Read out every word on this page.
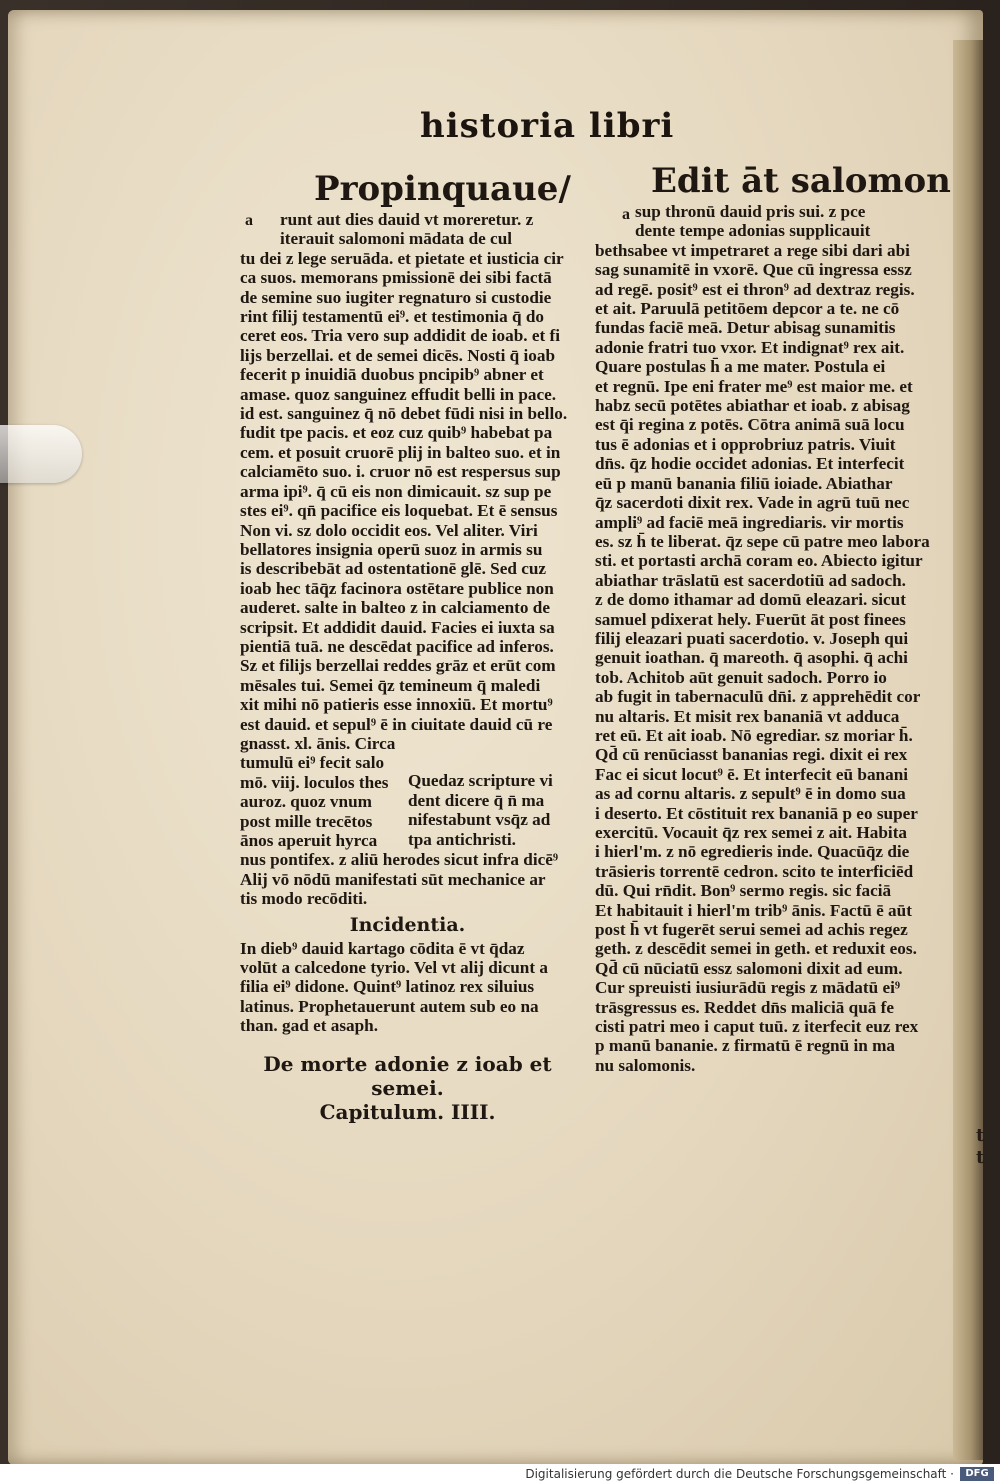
t
t
historia libri
Propinquaue/
runt aut dies dauid vt moreretur. z
iterauit salomoni mādata de cul
tu dei z lege seruāda. et pietate et iusticia cir
ca suos. memorans pmissionē dei sibi factā
de semine suo iugiter regnaturo si custodie
rint filij testamentū ei⁹. et testimonia q̄ do
ceret eos. Tria vero sup addidit de ioab. et fi
lijs berzellai. et de semei dicēs. Nosti q̄ ioab
fecerit p inuidiā duobus pncipib⁹ abner et
amase. quoz sanguinez effudit belli in pace.
id est. sanguinez q̄ nō debet fūdi nisi in bello.
fudit tpe pacis. et eoz cuz quib⁹ habebat pa
cem. et posuit cruorē plij in balteo suo. et in
calciamēto suo. i. cruor nō est respersus sup
arma ipi⁹. q̄ cū eis non dimicauit. sz sup pe
stes ei⁹. qn̄ pacifice eis loquebat. Et ē sensus
Non vi. sz dolo occidit eos. Vel aliter. Viri
bellatores insignia operū suoz in armis su
is describebāt ad ostentationē glē. Sed cuz
ioab hec tāq̄z facinora ostētare publice non
auderet. salte in balteo z in calciamento de
scripsit. Et addidit dauid. Facies ei iuxta sa
pientiā tuā. ne descēdat pacifice ad inferos.
Sz et filijs berzellai reddes grāz et erūt com
mēsales tui. Semei q̄z temineum q̄ maledi
xit mihi nō patieris esse innoxiū. Et mortu⁹
est dauid. et sepul⁹ ē in ciuitate dauid cū re
gnasst. xl. ānis. Circa
tumulū ei⁹ fecit salo
mō. viij. loculos thes
auroz. quoz vnum
post mille trecētos
ānos aperuit hyrca
Quedaz scripture vi
dent dicere q̄ n̄ ma
nifestabunt vsq̄z ad
tpa antichristi.
nus pontifex. z aliū herodes sicut infra dicē⁹
Alij vō nōdū manifestati sūt mechanice ar
tis modo recōditi.
Incidentia.
In dieb⁹ dauid kartago cōdita ē vt q̄daz
volūt a calcedone tyrio. Vel vt alij dicunt a
filia ei⁹ didone. Quint⁹ latinoz rex siluius
latinus. Prophetauerunt autem sub eo na
than. gad et asaph.
De morte adonie z ioab et semei.
Capitulum. IIII.
Edit āt salomon
sup thronū dauid pris sui. z pce
dente tempe adonias supplicauit
bethsabee vt impetraret a rege sibi dari abi
sag sunamitē in vxorē. Que cū ingressa essz
ad regē. posit⁹ est ei thron⁹ ad dextraz regis.
et ait. Paruulā petitōem depcor a te. ne cō
fundas faciē meā. Detur abisag sunamitis
adonie fratri tuo vxor. Et indignat⁹ rex ait.
Quare postulas h̄ a me mater. Postula ei
et regnū. Ipe eni frater me⁹ est maior me. et
habz secū potētes abiathar et ioab. z abisag
est q̄i regina z potēs. Cōtra animā suā locu
tus ē adonias et i opprobriuz patris. Viuit
dn̄s. q̄z hodie occidet adonias. Et interfecit
eū p manū banania filiū ioiade. Abiathar
q̄z sacerdoti dixit rex. Vade in agrū tuū nec
ampli⁹ ad faciē meā ingrediaris. vir mortis
es. sz h̄ te liberat. q̄z sepe cū patre meo labora
sti. et portasti archā coram eo. Abiecto igitur
abiathar trāslatū est sacerdotiū ad sadoch.
z de domo ithamar ad domū eleazari. sicut
samuel pdixerat hely. Fuerūt āt post finees
filij eleazari puati sacerdotio. v. Joseph qui
genuit ioathan. q̄ mareoth. q̄ asophi. q̄ achi
tob. Achitob aūt genuit sadoch. Porro io
ab fugit in tabernaculū dn̄i. z apprehēdit cor
nu altaris. Et misit rex bananiā vt adduca
ret eū. Et ait ioab. Nō egrediar. sz moriar h̄.
Qd̄ cū renūciasst bananias regi. dixit ei rex
Fac ei sicut locut⁹ ē. Et interfecit eū banani
as ad cornu altaris. z sepult⁹ ē in domo sua
i deserto. Et cōstituit rex bananiā p eo super
exercitū. Vocauit q̄z rex semei z ait. Habita
i hierl'm. z nō egredieris inde. Quacūq̄z die
trāsieris torrentē cedron. scito te interficiēd
dū. Qui rn̄dit. Bon⁹ sermo regis. sic faciā
Et habitauit i hierl'm trib⁹ ānis. Factū ē aūt
post h̄ vt fugerēt serui semei ad achis regez
geth. z descēdit semei in geth. et reduxit eos.
Qd̄ cū nūciatū essz salomoni dixit ad eum.
Cur spreuisti iusiurādū regis z mādatū ei⁹
trāsgressus es. Reddet dn̄s maliciā quā fe
cisti patri meo i caput tuū. z iterfecit euz rex
p manū bananie. z firmatū ē regnū in ma
nu salomonis.
a	a
Digitalisierung gefördert durch die Deutsche Forschungsgemeinschaft ·	DFG
